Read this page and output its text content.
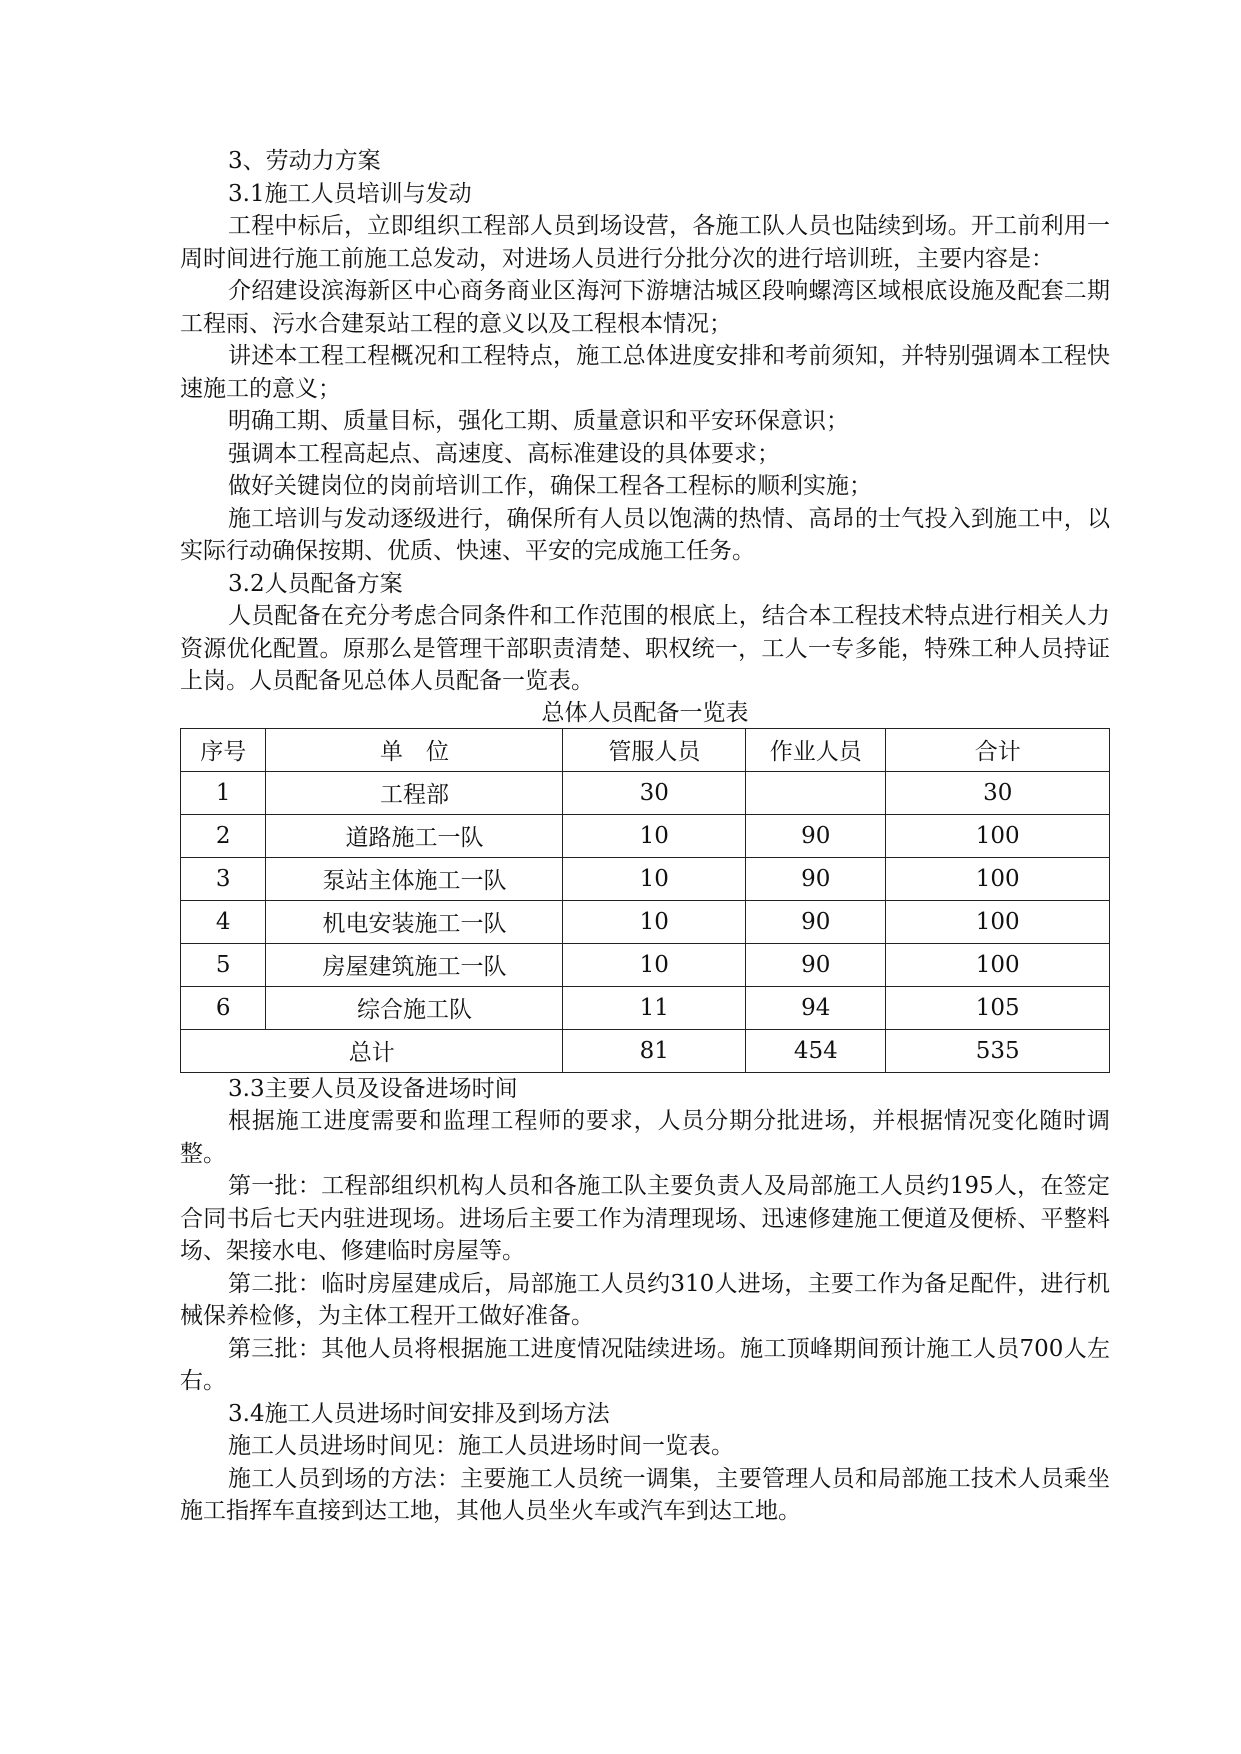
3、劳动力方案

3.1施工人员培训与发动

工程中标后，立即组织工程部人员到场设营，各施工队人员也陆续到场。开工前利用一周时间进行施工前施工总发动，对进场人员进行分批分次的进行培训班，主要内容是：

介绍建设滨海新区中心商务商业区海河下游塘沽城区段响螺湾区域根底设施及配套二期工程雨、污水合建泵站工程的意义以及工程根本情况；

讲述本工程工程概况和工程特点，施工总体进度安排和考前须知，并特别强调本工程快速施工的意义；

明确工期、质量目标，强化工期、质量意识和平安环保意识；

强调本工程高起点、高速度、高标准建设的具体要求；

做好关键岗位的岗前培训工作，确保工程各工程标的顺利实施；

施工培训与发动逐级进行，确保所有人员以饱满的热情、高昂的士气投入到施工中，以实际行动确保按期、优质、快速、平安的完成施工任务。

3.2人员配备方案

人员配备在充分考虑合同条件和工作范围的根底上，结合本工程技术特点进行相关人力资源优化配置。原那么是管理干部职责清楚、职权统一，工人一专多能，特殊工种人员持证上岗。人员配备见总体人员配备一览表。

总体人员配备一览表

序号	单　位	管服人员	作业人员	合计
1	工程部	30		30
2	道路施工一队	10	90	100
3	泵站主体施工一队	10	90	100
4	机电安装施工一队	10	90	100
5	房屋建筑施工一队	10	90	100
6	综合施工队	11	94	105
总计		81	454	535

3.3主要人员及设备进场时间

根据施工进度需要和监理工程师的要求，人员分期分批进场，并根据情况变化随时调整。

第一批：工程部组织机构人员和各施工队主要负责人及局部施工人员约195人，在签定合同书后七天内驻进现场。进场后主要工作为清理现场、迅速修建施工便道及便桥、平整料场、架接水电、修建临时房屋等。

第二批：临时房屋建成后，局部施工人员约310人进场，主要工作为备足配件，进行机械保养检修，为主体工程开工做好准备。

第三批：其他人员将根据施工进度情况陆续进场。施工顶峰期间预计施工人员700人左右。

3.4施工人员进场时间安排及到场方法

施工人员进场时间见：施工人员进场时间一览表。

施工人员到场的方法：主要施工人员统一调集，主要管理人员和局部施工技术人员乘坐施工指挥车直接到达工地，其他人员坐火车或汽车到达工地。
